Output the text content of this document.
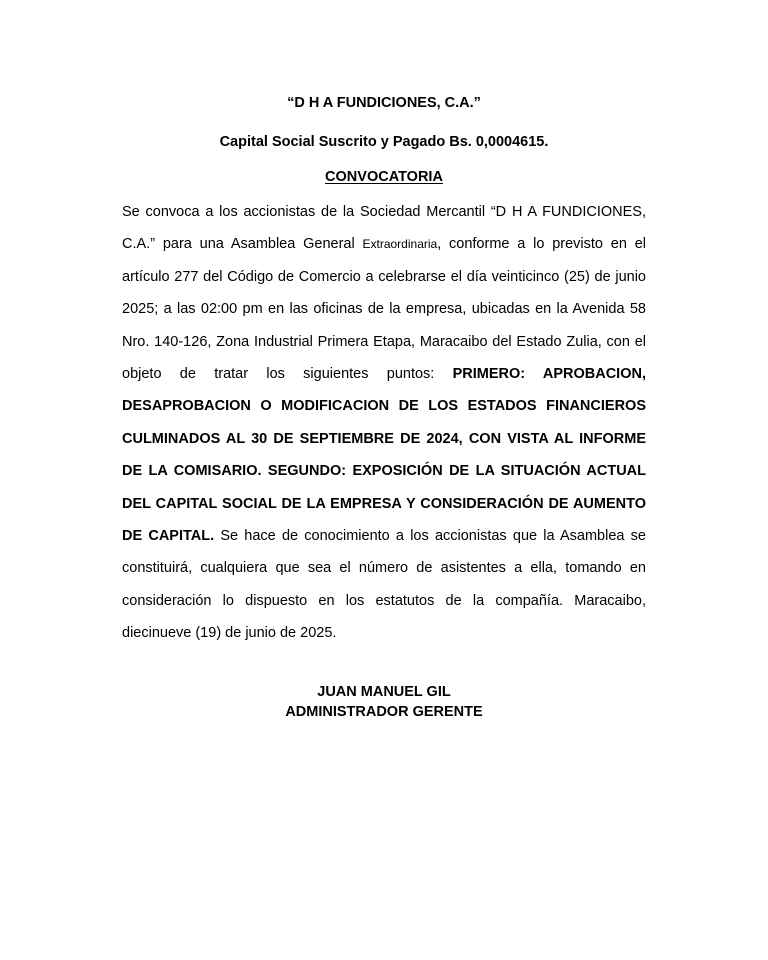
“D H A FUNDICIONES, C.A.”
Capital Social Suscrito y Pagado Bs. 0,0004615.
CONVOCATORIA

Se convoca a los accionistas de la Sociedad Mercantil “D H A FUNDICIONES, C.A.” para una Asamblea General Extraordinaria, conforme a lo previsto en el artículo 277 del Código de Comercio a celebrarse el día veinticinco (25) de junio 2025; a las 02:00 pm en las oficinas de la empresa, ubicadas en la Avenida 58 Nro. 140-126, Zona Industrial Primera Etapa, Maracaibo del Estado Zulia, con el objeto de tratar los siguientes puntos: PRIMERO: APROBACION, DESAPROBACION O MODIFICACION DE LOS ESTADOS FINANCIEROS CULMINADOS AL 30 DE SEPTIEMBRE DE 2024, CON VISTA AL INFORME DE LA COMISARIO. SEGUNDO: EXPOSICIÓN DE LA SITUACIÓN ACTUAL DEL CAPITAL SOCIAL DE LA EMPRESA Y CONSIDERACIÓN DE AUMENTO DE CAPITAL. Se hace de conocimiento a los accionistas que la Asamblea se constituirá, cualquiera que sea el número de asistentes a ella, tomando en consideración lo dispuesto en los estatutos de la compañía. Maracaibo, diecinueve (19) de junio de 2025.

JUAN MANUEL GIL
ADMINISTRADOR GERENTE
